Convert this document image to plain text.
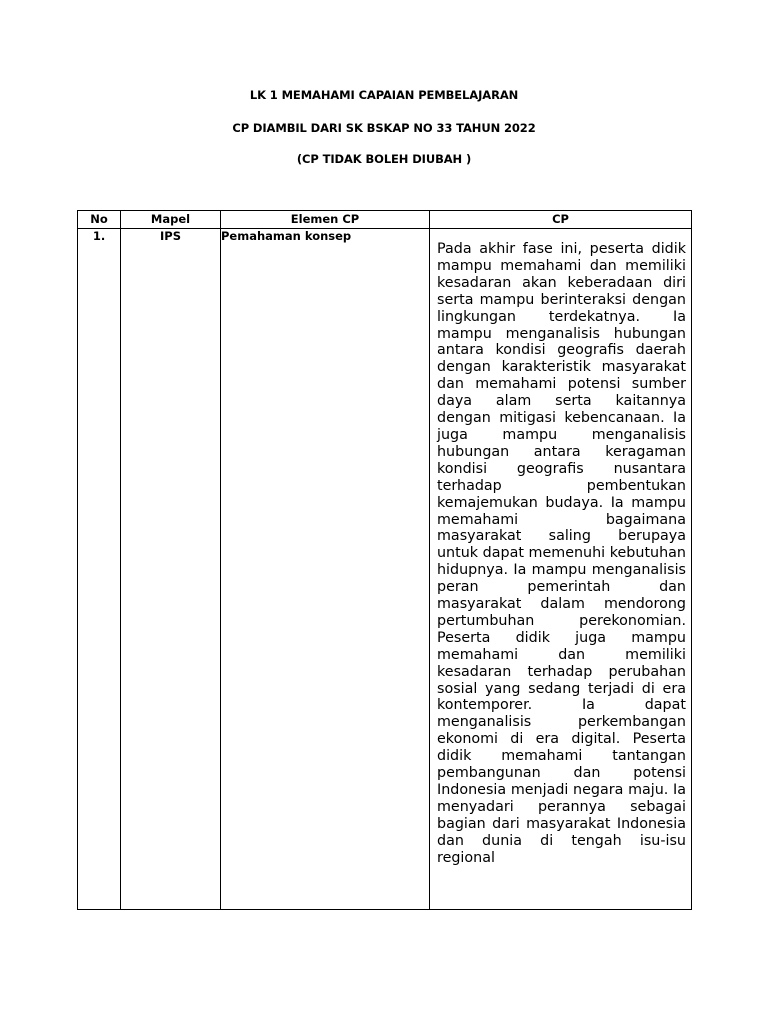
LK 1 MEMAHAMI CAPAIAN PEMBELAJARAN
CP DIAMBIL DARI SK BSKAP NO 33 TAHUN 2022
(CP TIDAK BOLEH DIUBAH )
No	Mapel	Elemen CP	CP
1.	IPS	Pemahaman konsep	Pada akhir fase ini, peserta didik mampu memahami dan memiliki kesadaran akan keberadaan diri serta mampu berinteraksi dengan lingkungan terdekatnya. Ia mampu menganalisis hubungan antara kondisi geografis daerah dengan karakteristik masyarakat dan memahami potensi sumber daya alam serta kaitannya dengan mitigasi kebencanaan. Ia juga mampu menganalisis hubungan antara keragaman kondisi geografis nusantara terhadap pembentukan kemajemukan budaya. Ia mampu memahami bagaimana masyarakat saling berupaya untuk dapat memenuhi kebutuhan hidupnya. Ia mampu menganalisis peran pemerintah dan masyarakat dalam mendorong pertumbuhan perekonomian. Peserta didik juga mampu memahami dan memiliki kesadaran terhadap perubahan sosial yang sedang terjadi di era kontemporer. Ia dapat menganalisis perkembangan ekonomi di era digital. Peserta didik memahami tantangan pembangunan dan potensi Indonesia menjadi negara maju. Ia menyadari perannya sebagai bagian dari masyarakat Indonesia dan dunia di tengah isu-isu regional
